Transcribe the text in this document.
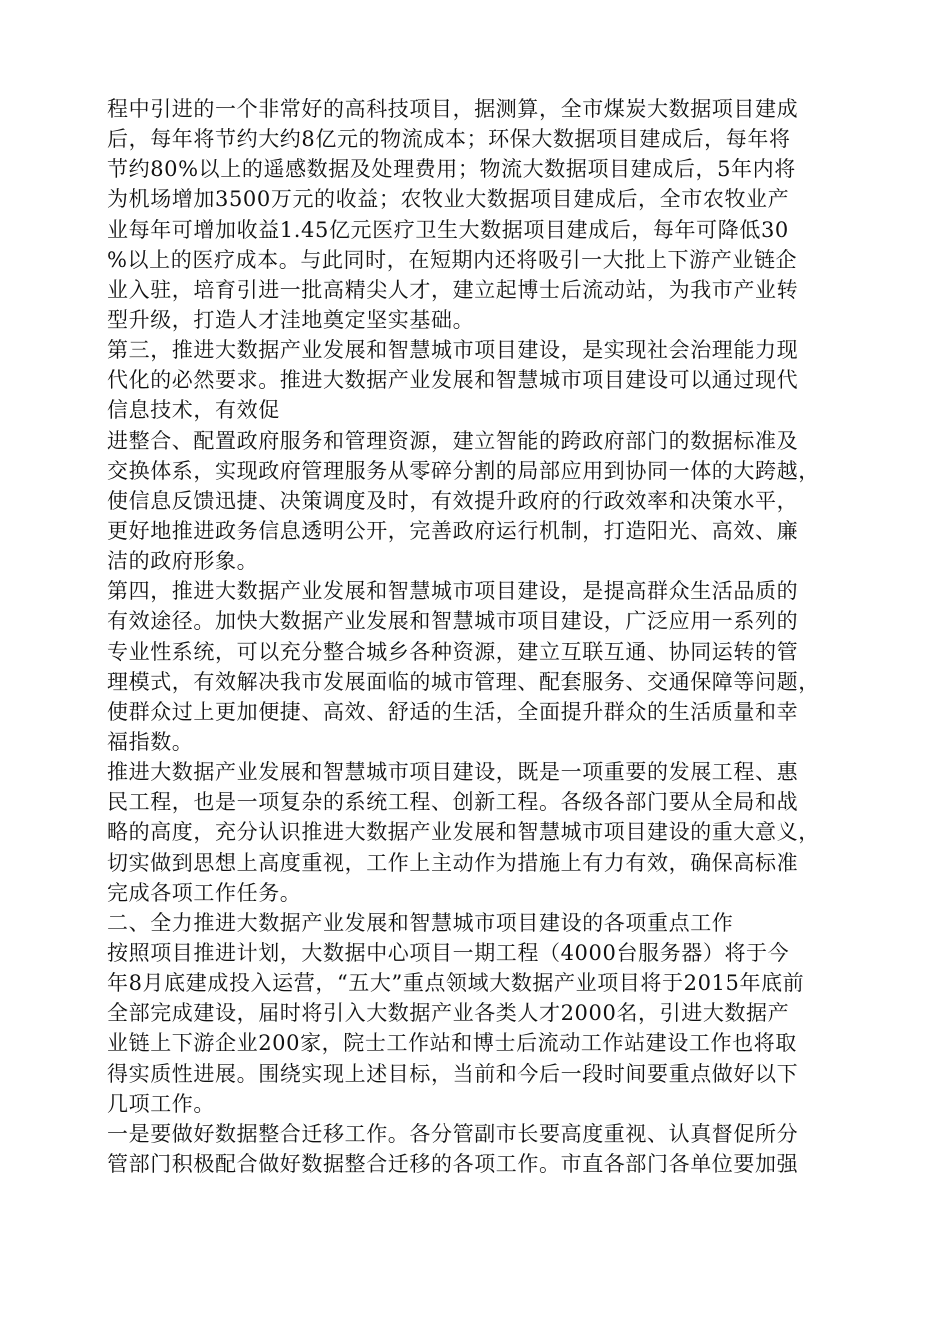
程中引进的一个非常好的高科技项目，据测算，全市煤炭大数据项目建成
后，每年将节约大约8亿元的物流成本；环保大数据项目建成后，每年将
节约80%以上的遥感数据及处理费用；物流大数据项目建成后，5年内将
为机场增加3500万元的收益；农牧业大数据项目建成后，全市农牧业产
业每年可增加收益1.45亿元医疗卫生大数据项目建成后，每年可降低30
%以上的医疗成本。与此同时，在短期内还将吸引一大批上下游产业链企
业入驻，培育引进一批高精尖人才，建立起博士后流动站，为我市产业转
型升级，打造人才洼地奠定坚实基础。
第三，推进大数据产业发展和智慧城市项目建设，是实现社会治理能力现
代化的必然要求。推进大数据产业发展和智慧城市项目建设可以通过现代
信息技术，有效促
进整合、配置政府服务和管理资源，建立智能的跨政府部门的数据标准及
交换体系，实现政府管理服务从零碎分割的局部应用到协同一体的大跨越，
使信息反馈迅捷、决策调度及时，有效提升政府的行政效率和决策水平，
更好地推进政务信息透明公开，完善政府运行机制，打造阳光、高效、廉
洁的政府形象。
第四，推进大数据产业发展和智慧城市项目建设，是提高群众生活品质的
有效途径。加快大数据产业发展和智慧城市项目建设，广泛应用一系列的
专业性系统，可以充分整合城乡各种资源，建立互联互通、协同运转的管
理模式，有效解决我市发展面临的城市管理、配套服务、交通保障等问题，
使群众过上更加便捷、高效、舒适的生活，全面提升群众的生活质量和幸
福指数。
推进大数据产业发展和智慧城市项目建设，既是一项重要的发展工程、惠
民工程，也是一项复杂的系统工程、创新工程。各级各部门要从全局和战
略的高度，充分认识推进大数据产业发展和智慧城市项目建设的重大意义，
切实做到思想上高度重视，工作上主动作为措施上有力有效，确保高标准
完成各项工作任务。
二、全力推进大数据产业发展和智慧城市项目建设的各项重点工作
按照项目推进计划，大数据中心项目一期工程（4000台服务器）将于今
年8月底建成投入运营，“五大”重点领域大数据产业项目将于2015年底前
全部完成建设，届时将引入大数据产业各类人才2000名，引进大数据产
业链上下游企业200家，院士工作站和博士后流动工作站建设工作也将取
得实质性进展。围绕实现上述目标，当前和今后一段时间要重点做好以下
几项工作。
一是要做好数据整合迁移工作。各分管副市长要高度重视、认真督促所分
管部门积极配合做好数据整合迁移的各项工作。市直各部门各单位要加强
